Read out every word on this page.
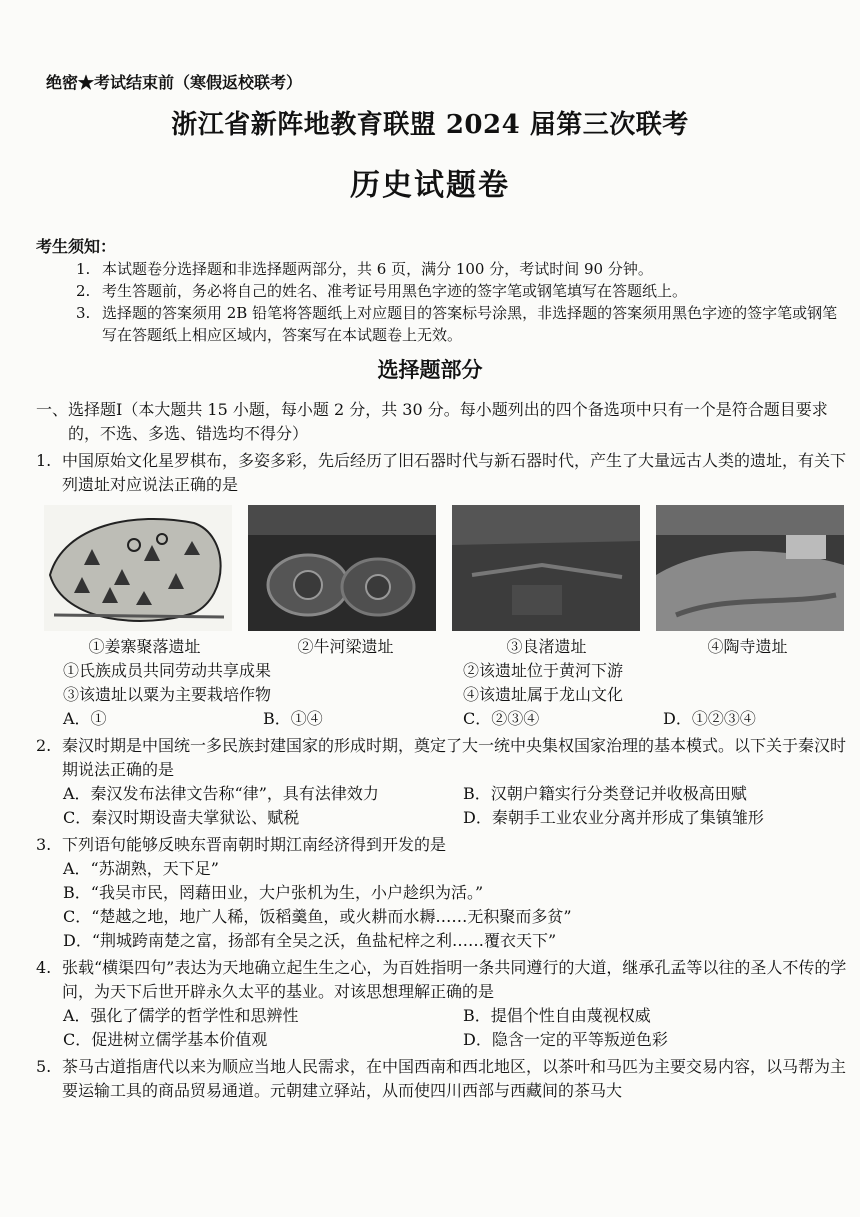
绝密★考试结束前（寒假返校联考）
浙江省新阵地教育联盟 2024 届第三次联考
历史试题卷
考生须知：
1. 本试题卷分选择题和非选择题两部分，共 6 页，满分 100 分，考试时间 90 分钟。
2. 考生答题前，务必将自己的姓名、准考证号用黑色字迹的签字笔或钢笔填写在答题纸上。
3. 选择题的答案须用 2B 铅笔将答题纸上对应题目的答案标号涂黑，非选择题的答案须用黑色字迹的签字笔或钢笔写在答题纸上相应区域内，答案写在本试题卷上无效。
选择题部分
一、 选择题Ⅰ（本大题共 15 小题，每小题 2 分，共 30 分。每小题列出的四个备选项中只有一个是符合题目要求的，不选、多选、错选均不得分）
1. 中国原始文化星罗棋布，多姿多彩，先后经历了旧石器时代与新石器时代，产生了大量远古人类的遗址，有关下列遗址对应说法正确的是
①姜寨聚落遗址	②牛河梁遗址	③良渚遗址	④陶寺遗址
①氏族成员共同劳动共享成果	②该遗址位于黄河下游
③该遗址以粟为主要栽培作物	④该遗址属于龙山文化
A．①	B．①④	C．②③④	D．①②③④
2. 秦汉时期是中国统一多民族封建国家的形成时期，奠定了大一统中央集权国家治理的基本模式。以下关于秦汉时期说法正确的是
A．秦汉发布法律文告称“律”，具有法律效力	B．汉朝户籍实行分类登记并收极高田赋
C．秦汉时期设啬夫掌狱讼、赋税	D．秦朝手工业农业分离并形成了集镇雏形
3. 下列语句能够反映东晋南朝时期江南经济得到开发的是
A．“苏湖熟，天下足”
B．“我吴市民，罔藉田业，大户张机为生，小户趁织为活。”
C．“楚越之地，地广人稀，饭稻羹鱼，或火耕而水耨……无积聚而多贫”
D．“荆城跨南楚之富，扬部有全吴之沃，鱼盐杞梓之利……覆衣天下”
4. 张载“横渠四句”表达为天地确立起生生之心，为百姓指明一条共同遵行的大道，继承孔孟等以往的圣人不传的学问，为天下后世开辟永久太平的基业。对该思想理解正确的是
A．强化了儒学的哲学性和思辨性	B．提倡个性自由蔑视权威
C．促进树立儒学基本价值观	D．隐含一定的平等叛逆色彩
5. 茶马古道指唐代以来为顺应当地人民需求，在中国西南和西北地区，以茶叶和马匹为主要交易内容，以马帮为主要运输工具的商品贸易通道。元朝建立驿站，从而使四川西部与西藏间的茶马大
